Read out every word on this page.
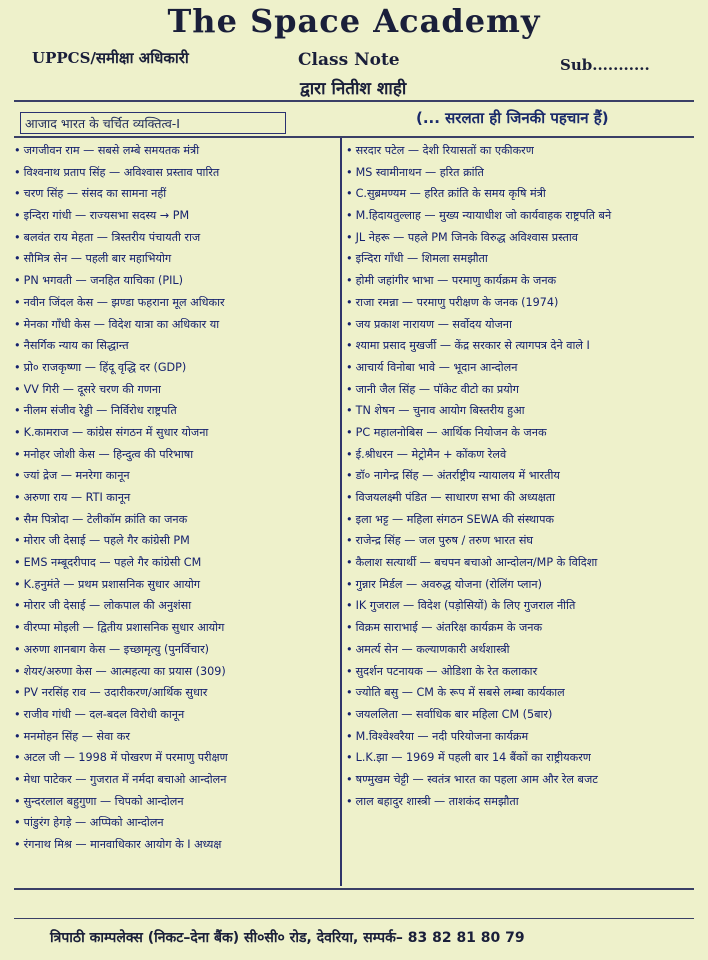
The Space Academy
UPPCS/समीक्षा अधिकारी	Class Note	Sub...........
द्वारा नितीश शाही
आजाद भारत के चर्चित व्यक्तित्व-I	(... सरलता ही जिनकी पहचान हैं)
• जगजीवन राम — सबसे लम्बे समयतक मंत्री
• विश्वनाथ प्रताप सिंह — अविश्वास प्रस्ताव पारित
• चरण सिंह — संसद का सामना नहीं
• इन्दिरा गांधी — राज्यसभा सदस्य → PM
• बलवंत राय मेहता — त्रिस्तरीय पंचायती राज
• सौमित्र सेन — पहली बार महाभियोग
• PN भगवती — जनहित याचिका (PIL)
• नवीन जिंदल केस — झण्डा फहराना मूल अधिकार
• मेनका गाँधी केस — विदेश यात्रा का अधिकार या
• नैसर्गिक न्याय का सिद्धान्त
• प्रो० राजकृष्णा — हिंदू वृद्धि दर (GDP)
• VV गिरी — दूसरे चरण की गणना
• नीलम संजीव रेड्डी — निर्विरोध राष्ट्रपति
• K.कामराज — कांग्रेस संगठन में सुधार योजना
• मनोहर जोशी केस — हिन्दुत्व की परिभाषा
• ज्यां द्रेज — मनरेगा कानून
• अरुणा राय — RTI कानून
• सैम पित्रोदा — टेलीकॉम क्रांति का जनक
• मोरार जी देसाई — पहले गैर कांग्रेसी PM
• EMS नम्बूदरीपाद — पहले गैर कांग्रेसी CM
• K.हनुमंते — प्रथम प्रशासनिक सुधार आयोग
• मोरार जी देसाई — लोकपाल की अनुशंसा
• वीरप्पा मोइली — द्वितीय प्रशासनिक सुधार आयोग
• अरुणा शानबाग केस — इच्छामृत्यु (पुनर्विचार)
• शेयर/अरुणा केस — आत्महत्या का प्रयास (309)
• PV नरसिंह राव — उदारीकरण/आर्थिक सुधार
• राजीव गांधी — दल-बदल विरोधी कानून
• मनमोहन सिंह — सेवा कर
• अटल जी — 1998 में पोखरण में परमाणु परीक्षण
• मेधा पाटेकर — गुजरात में नर्मदा बचाओ आन्दोलन
• सुन्दरलाल बहुगुणा — चिपको आन्दोलन
• पांडुरंग हेगड़े — अप्पिको आन्दोलन
• रंगनाथ मिश्र — मानवाधिकार आयोग के I अध्यक्ष
• सरदार पटेल — देशी रियासतों का एकीकरण
• MS स्वामीनाथन — हरित क्रांति
• C.सुब्रमण्यम — हरित क्रांति के समय कृषि मंत्री
• M.हिदायतुल्लाह — मुख्य न्यायाधीश जो कार्यवाहक राष्ट्रपति बने
• JL नेहरू — पहले PM जिनके विरुद्ध अविश्वास प्रस्ताव
• इन्दिरा गाँधी — शिमला समझौता
• होमी जहांगीर भाभा — परमाणु कार्यक्रम के जनक
• राजा रमन्ना — परमाणु परीक्षण के जनक (1974)
• जय प्रकाश नारायण — सर्वोदय योजना
• श्यामा प्रसाद मुखर्जी — केंद्र सरकार से त्यागपत्र देने वाले I
• आचार्य विनोबा भावे — भूदान आन्दोलन
• जानी जैल सिंह — पॉकेट वीटो का प्रयोग
• TN शेषन — चुनाव आयोग बिस्तरीय हुआ
• PC महालनोबिस — आर्थिक नियोजन के जनक
• ई.श्रीधरन — मेट्रोमैन + कोंकण रेलवे
• डॉ० नागेन्द्र सिंह — अंतर्राष्ट्रीय न्यायालय में भारतीय
• विजयलक्ष्मी पंडित — साधारण सभा की अध्यक्षता
• इला भट्ट — महिला संगठन SEWA की संस्थापक
• राजेन्द्र सिंह — जल पुरुष / तरुण भारत संघ
• कैलाश सत्यार्थी — बचपन बचाओ आन्दोलन/MP के विदिशा
• गुन्नार मिर्डल — अवरुद्ध योजना (रोलिंग प्लान)
• IK गुजराल — विदेश (पड़ोसियों) के लिए गुजराल नीति
• विक्रम साराभाई — अंतरिक्ष कार्यक्रम के जनक
• अमर्त्य सेन — कल्याणकारी अर्थशास्त्री
• सुदर्शन पटनायक — ओडिशा के रेत कलाकार
• ज्योति बसु — CM के रूप में सबसे लम्बा कार्यकाल
• जयललिता — सर्वाधिक बार महिला CM (5बार)
• M.विश्वेश्वरैया — नदी परियोजना कार्यक्रम
• L.K.झा — 1969 में पहली बार 14 बैंकों का राष्ट्रीयकरण
• षण्मुखम चेट्टी — स्वतंत्र भारत का पहला आम और रेल बजट
• लाल बहादुर शास्त्री — ताशकंद समझौता
त्रिपाठी काम्पलेक्स (निकट–देना बैंक) सी०सी० रोड, देवरिया, सम्पर्क– 83 82 81 80 79
